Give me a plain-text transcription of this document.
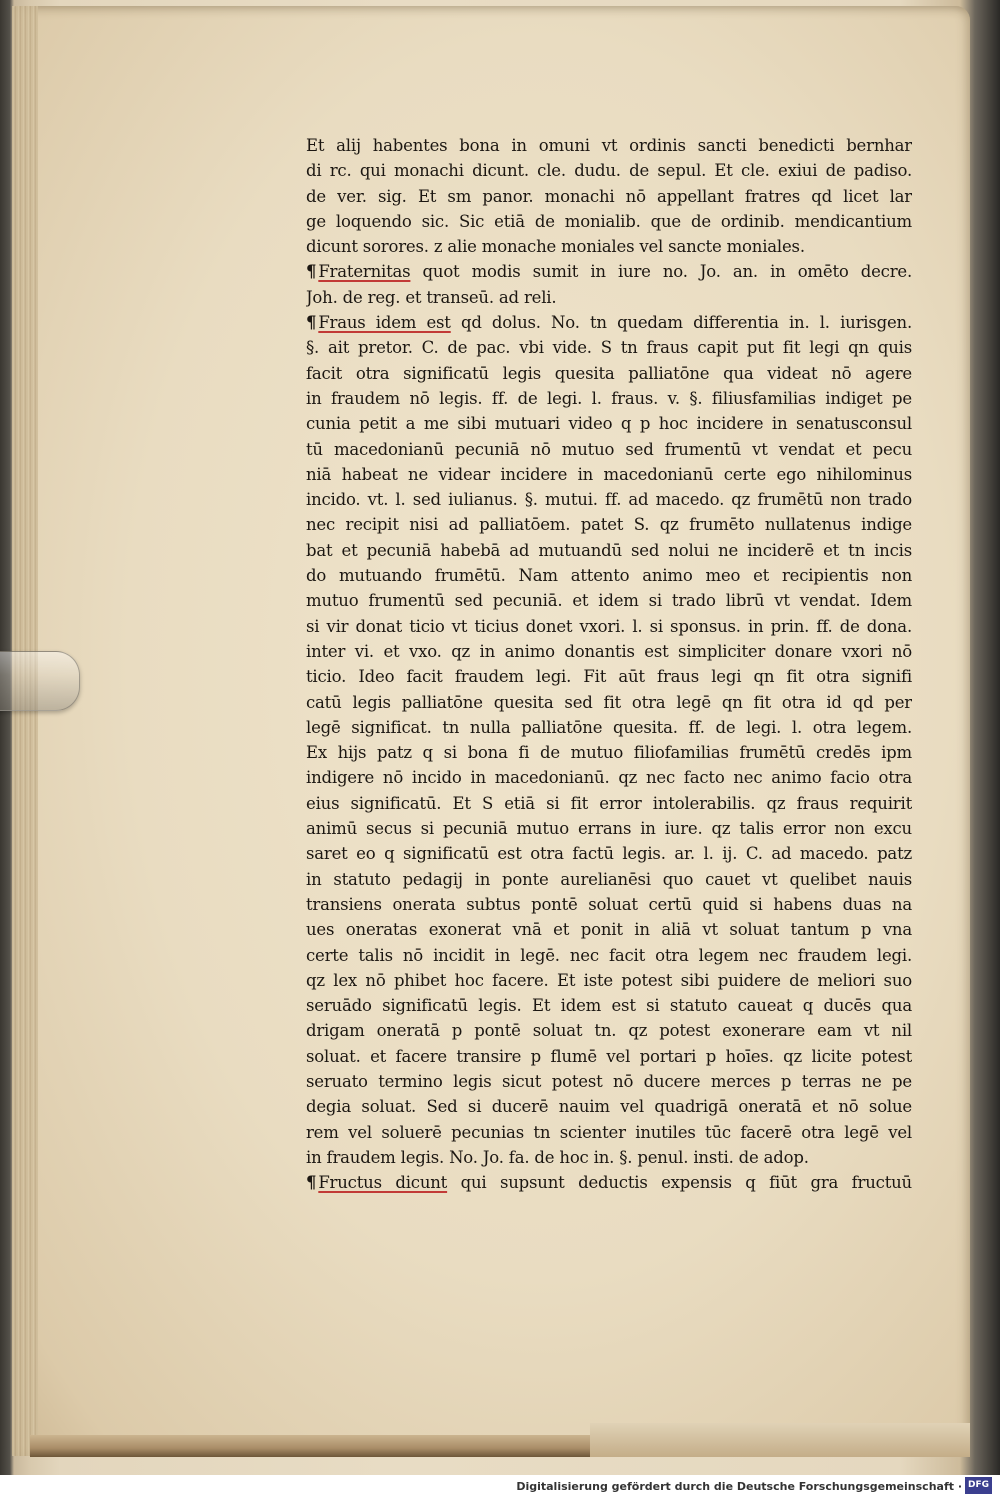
Et alij habentes bona in omuni vt ordinis sancti benedicti bernhar
di rc. qui monachi dicunt. cle. dudu. de sepul. Et cle. exiui de padiso.
de ver. sig. Et sm panor. monachi nō appellant fratres qd licet lar
ge loquendo sic. Sic etiā de monialib. que de ordinib. mendicantium
dicunt sorores. z alie monache moniales vel sancte moniales.
¶ Fraternitas quot modis sumit in iure no. Jo. an. in omēto decre.
Joh. de reg. et transeū. ad reli.
¶ Fraus idem est qd dolus. No. tn quedam differentia in. l. iurisgen.
§. ait pretor. C. de pac. vbi vide. S tn fraus capit put fit legi qn quis
facit otra significatū legis quesita palliatōne qua videat nō agere
in fraudem nō legis. ff. de legi. l. fraus. v. §. filiusfamilias indiget pe
cunia petit a me sibi mutuari video q p hoc incidere in senatusconsul
tū macedonianū pecuniā nō mutuo sed frumentū vt vendat et pecu
niā habeat ne videar incidere in macedonianū certe ego nihilominus
incido. vt. l. sed iulianus. §. mutui. ff. ad macedo. qz frumētū non trado
nec recipit nisi ad palliatōem. patet S. qz frumēto nullatenus indige
bat et pecuniā habebā ad mutuandū sed nolui ne inciderē et tn incis
do mutuando frumētū. Nam attento animo meo et recipientis non
mutuo frumentū sed pecuniā. et idem si trado librū vt vendat. Idem
si vir donat ticio vt ticius donet vxori. l. si sponsus. in prin. ff. de dona.
inter vi. et vxo. qz in animo donantis est simpliciter donare vxori nō
ticio. Ideo facit fraudem legi. Fit aūt fraus legi qn fit otra signifi
catū legis palliatōne quesita sed fit otra legē qn fit otra id qd per
legē significat. tn nulla palliatōne quesita. ff. de legi. l. otra legem.
Ex hijs patz q si bona fi de mutuo filiofamilias frumētū credēs ipm
indigere nō incido in macedonianū. qz nec facto nec animo facio otra
eius significatū. Et S etiā si fit error intolerabilis. qz fraus requirit
animū secus si pecuniā mutuo errans in iure. qz talis error non excu
saret eo q significatū est otra factū legis. ar. l. ij. C. ad macedo. patz
in statuto pedagij in ponte aurelianēsi quo cauet vt quelibet nauis
transiens onerata subtus pontē soluat certū quid si habens duas na
ues oneratas exonerat vnā et ponit in aliā vt soluat tantum p vna
certe talis nō incidit in legē. nec facit otra legem nec fraudem legi.
qz lex nō phibet hoc facere. Et iste potest sibi puidere de meliori suo
seruādo significatū legis. Et idem est si statuto caueat q ducēs qua
drigam oneratā p pontē soluat tn. qz potest exonerare eam vt nil
soluat. et facere transire p flumē vel portari p hoīes. qz licite potest
seruato termino legis sicut potest nō ducere merces p terras ne pe
degia soluat. Sed si ducerē nauim vel quadrigā oneratā et nō solue
rem vel soluerē pecunias tn scienter inutiles tūc facerē otra legē vel
in fraudem legis. No. Jo. fa. de hoc in. §. penul. insti. de adop.
¶ Fructus dicunt qui supsunt deductis expensis q fiūt gra fructuū
Digitalisierung gefördert durch die Deutsche Forschungsgemeinschaft · DFG
